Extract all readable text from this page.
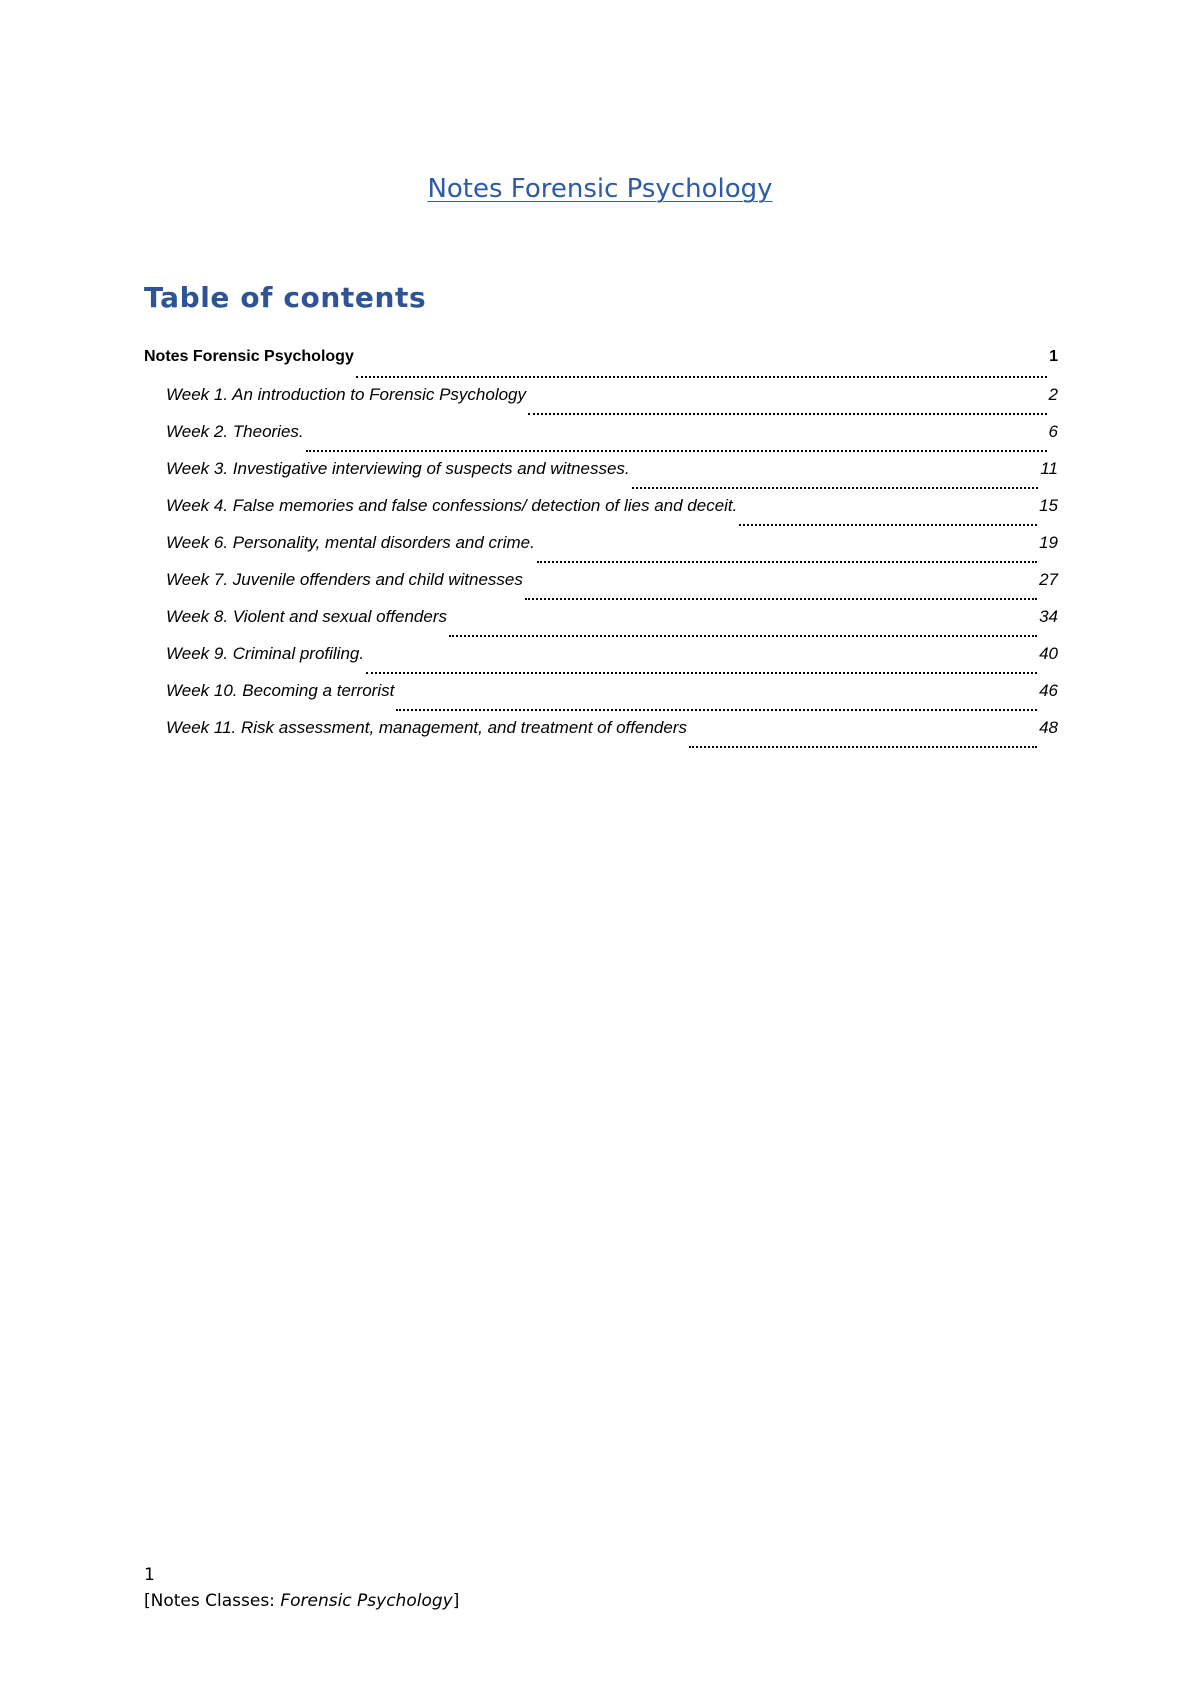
Notes Forensic Psychology
Table of contents
Notes Forensic Psychology	1
Week 1. An introduction to Forensic Psychology	2
Week 2. Theories.	6
Week 3. Investigative interviewing of suspects and witnesses.	11
Week 4. False memories and false confessions/ detection of lies and deceit.	15
Week 6. Personality, mental disorders and crime.	19
Week 7. Juvenile offenders and child witnesses	27
Week 8. Violent and sexual offenders	34
Week 9. Criminal profiling.	40
Week 10. Becoming a terrorist	46
Week 11. Risk assessment, management, and treatment of offenders	48
1
[Notes Classes: Forensic Psychology]
